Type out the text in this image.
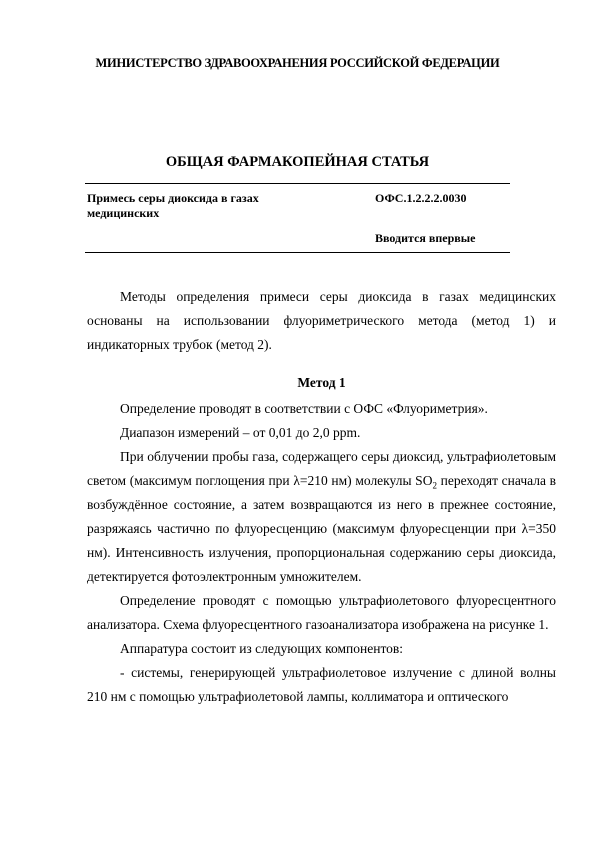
МИНИСТЕРСТВО ЗДРАВООХРАНЕНИЯ РОССИЙСКОЙ ФЕДЕРАЦИИ
ОБЩАЯ ФАРМАКОПЕЙНАЯ СТАТЬЯ
Примесь серы диоксида в газах медицинских
ОФС.1.2.2.2.0030
Вводится впервые

Методы определения примеси серы диоксида в газах медицинских основаны на использовании флуориметрического метода (метод 1) и индикаторных трубок (метод 2).

Метод 1

Определение проводят в соответствии с ОФС «Флуориметрия».

Диапазон измерений – от 0,01 до 2,0 ppm.

При облучении пробы газа, содержащего серы диоксид, ультрафиолетовым светом (максимум поглощения при λ=210 нм) молекулы $SO_2$ переходят сначала в возбуждённое состояние, а затем возвращаются из него в прежнее состояние, разряжаясь частично по флуоресценцию (максимум флуоресценции при λ=350 нм). Интенсивность излучения, пропорциональная содержанию серы диоксида, детектируется фотоэлектронным умножителем.

Определение проводят с помощью ультрафиолетового флуоресцентного анализатора. Схема флуоресцентного газоанализатора изображена на рисунке 1.

Аппаратура состоит из следующих компонентов:

- системы, генерирующей ультрафиолетовое излучение с длиной волны 210 нм с помощью ультрафиолетовой лампы, коллиматора и оптического
